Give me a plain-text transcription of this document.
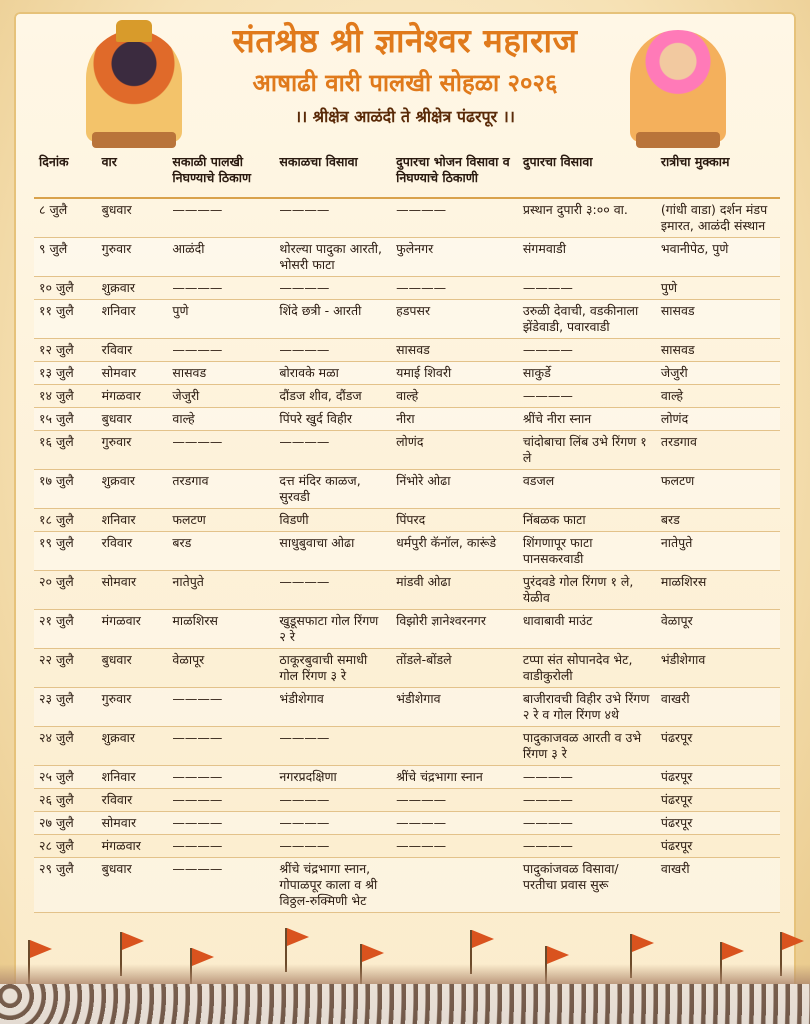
संतश्रेष्ठ श्री ज्ञानेश्वर महाराज
आषाढी वारी पालखी सोहळा २०२६
।। श्रीक्षेत्र आळंदी ते श्रीक्षेत्र पंढरपूर ।।
दिनांक	वार	सकाळी पालखी निघण्याचे ठिकाण	सकाळचा विसावा	दुपारचा भोजन विसावा व निघण्याचे ठिकाणी	दुपारचा विसावा	रात्रीचा मुक्काम
८ जुलै	बुधवार	————	————	————	प्रस्थान दुपारी ३:०० वा.	(गांधी वाडा) दर्शन मंडप इमारत, आळंदी संस्थान
९ जुलै	गुरुवार	आळंदी	थोरल्या पादुका आरती, भोसरी फाटा	फुलेनगर	संगमवाडी	भवानीपेठ, पुणे
१० जुलै	शुक्रवार	————	————	————	————	पुणे
११ जुलै	शनिवार	पुणे	शिंदे छत्री - आरती	हडपसर	उरुळी देवाची, वडकीनाला झेंडेवाडी, पवारवाडी	सासवड
१२ जुलै	रविवार	————	————	सासवड	————	सासवड
१३ जुलै	सोमवार	सासवड	बोरावके मळा	यमाई शिवरी	साकुर्डे	जेजुरी
१४ जुलै	मंगळवार	जेजुरी	दौंडज शीव, दौंडज	वाल्हे	————	वाल्हे
१५ जुलै	बुधवार	वाल्हे	पिंपरे खुर्द विहीर	नीरा	श्रींचे नीरा स्नान	लोणंद
१६ जुलै	गुरुवार	————	————	लोणंद	चांदोबाचा लिंब उभे रिंगण १ ले	तरडगाव
१७ जुलै	शुक्रवार	तरडगाव	दत्त मंदिर काळज, सुरवडी	निंभोरे ओढा	वडजल	फलटण
१८ जुलै	शनिवार	फलटण	विडणी	पिंपरद	निंबळक फाटा	बरड
१९ जुलै	रविवार	बरड	साधुबुवाचा ओढा	धर्मपुरी कॅनॉल, कारूंडे	शिंगणापूर फाटा पानसकरवाडी	नातेपुते
२० जुलै	सोमवार	नातेपुते	————	मांडवी ओढा	पुरंदवडे गोल रिंगण १ ले, येळीव	माळशिरस
२१ जुलै	मंगळवार	माळशिरस	खुडूसफाटा गोल रिंगण २ रे	विझोरी ज्ञानेश्वरनगर	धावाबावी माउंट	वेळापूर
२२ जुलै	बुधवार	वेळापूर	ठाकूरबुवाची समाधी गोल रिंगण ३ रे	तोंडले-बोंडले	टप्पा संत सोपानदेव भेट, वाडीकुरोली	भंडीशेगाव
२३ जुलै	गुरुवार	————	भंडीशेगाव	भंडीशेगाव	बाजीरावची विहीर उभे रिंगण २ रे व गोल रिंगण ४थे	वाखरी
२४ जुलै	शुक्रवार	————	————		पादुकाजवळ आरती व उभे रिंगण ३ रे	पंढरपूर
२५ जुलै	शनिवार	————	नगरप्रदक्षिणा	श्रींचे चंद्रभागा स्नान	————	पंढरपूर
२६ जुलै	रविवार	————	————	————	————	पंढरपूर
२७ जुलै	सोमवार	————	————	————	————	पंढरपूर
२८ जुलै	मंगळवार	————	————	————	————	पंढरपूर
२९ जुलै	बुधवार	————	श्रींचे चंद्रभागा स्नान, गोपाळपूर काला व श्री विठ्ठल-रुक्मिणी भेट		पादुकांजवळ विसावा/ परतीचा प्रवास सुरू	वाखरी
